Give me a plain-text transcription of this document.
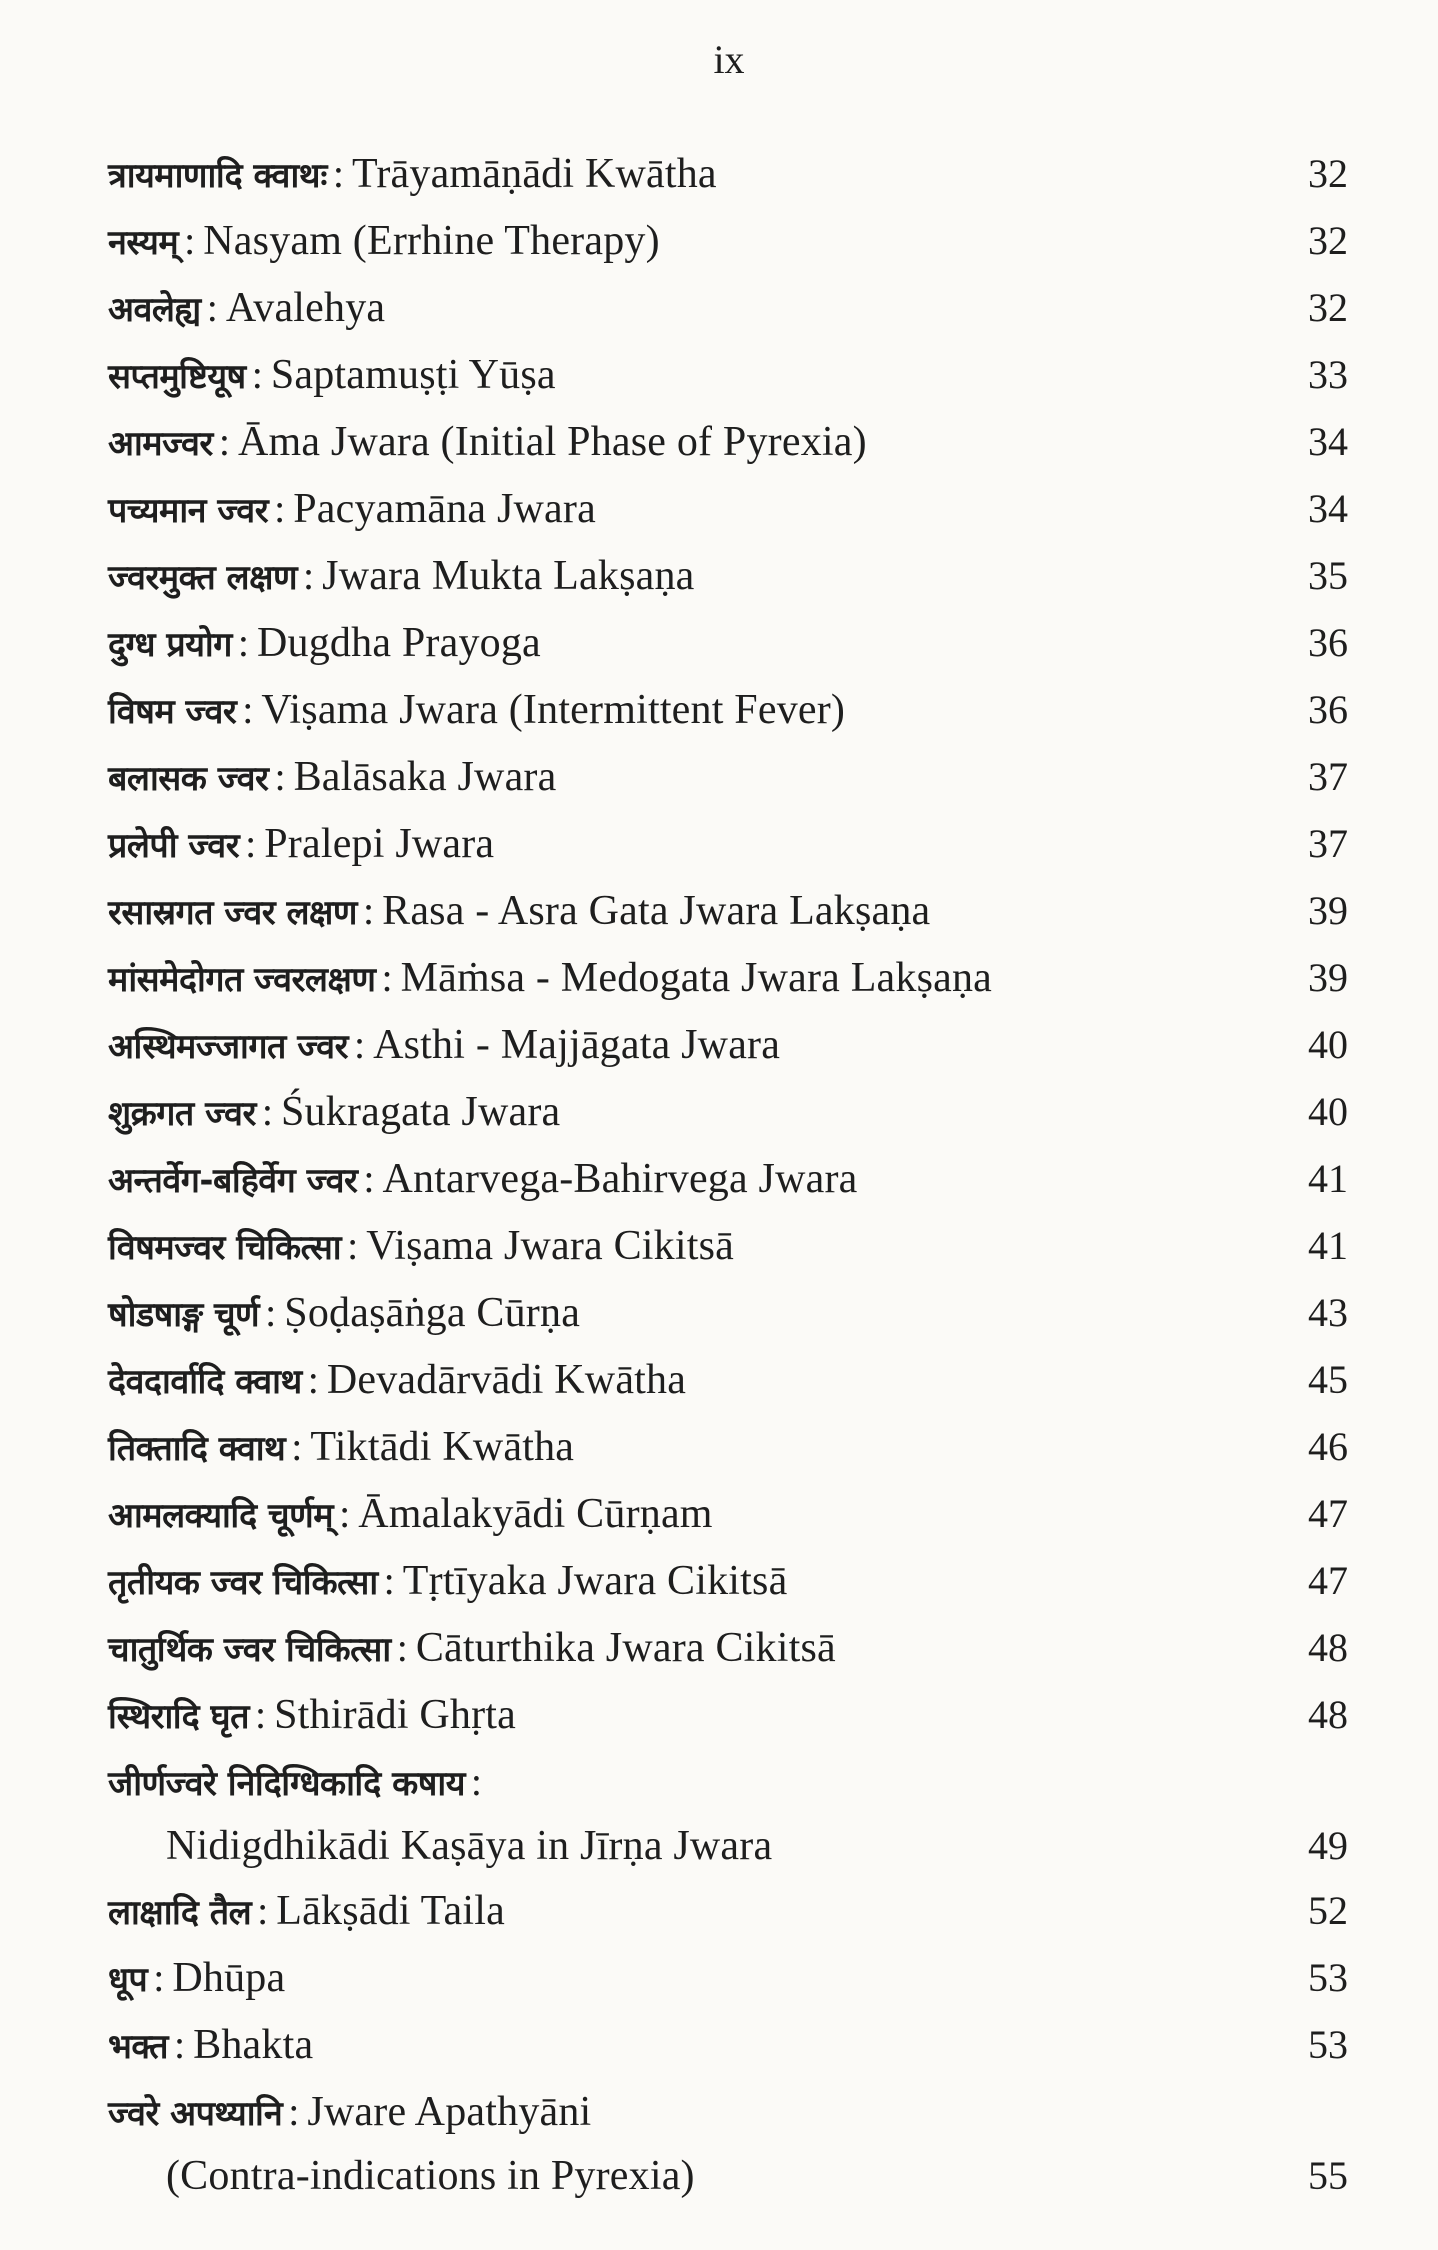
ix
त्रायमाणादि क्वाथः : Trāyamāṇādi Kwātha	32
नस्यम् : Nasyam (Errhine Therapy)	32
अवलेह्य : Avalehya	32
सप्तमुष्टियूष : Saptamuṣṭi Yūṣa	33
आमज्वर : Āma Jwara (Initial Phase of Pyrexia)	34
पच्यमान ज्वर : Pacyamāna Jwara	34
ज्वरमुक्त लक्षण : Jwara Mukta Lakṣaṇa	35
दुग्ध प्रयोग : Dugdha Prayoga	36
विषम ज्वर : Viṣama Jwara (Intermittent Fever)	36
बलासक ज्वर : Balāsaka Jwara	37
प्रलेपी ज्वर : Pralepi Jwara	37
रसास्रगत ज्वर लक्षण : Rasa - Asra Gata Jwara Lakṣaṇa	39
मांसमेदोगत ज्वरलक्षण : Māṁsa - Medogata Jwara Lakṣaṇa	39
अस्थिमज्जागत ज्वर : Asthi - Majjāgata Jwara	40
शुक्रगत ज्वर : Śukragata Jwara	40
अन्तर्वेग-बहिर्वेग ज्वर : Antarvega-Bahirvega Jwara	41
विषमज्वर चिकित्सा : Viṣama Jwara Cikitsā	41
षोडषाङ्ग चूर्ण : Ṣoḍaṣāṅga Cūrṇa	43
देवदार्वादि क्वाथ : Devadārvādi Kwātha	45
तिक्तादि क्वाथ : Tiktādi Kwātha	46
आमलक्यादि चूर्णम् : Āmalakyādi Cūrṇam	47
तृतीयक ज्वर चिकित्सा : Tṛtīyaka Jwara Cikitsā	47
चातुर्थिक ज्वर चिकित्सा : Cāturthika Jwara Cikitsā	48
स्थिरादि घृत : Sthirādi Ghṛta	48
जीर्णज्वरे निदिग्धिकादि कषाय :
Nidigdhikādi Kaṣāya in Jīrṇa Jwara	49
लाक्षादि तैल : Lākṣādi Taila	52
धूप : Dhūpa	53
भक्त : Bhakta	53
ज्वरे अपथ्यानि : Jware Apathyāni
(Contra-indications in Pyrexia)	55
